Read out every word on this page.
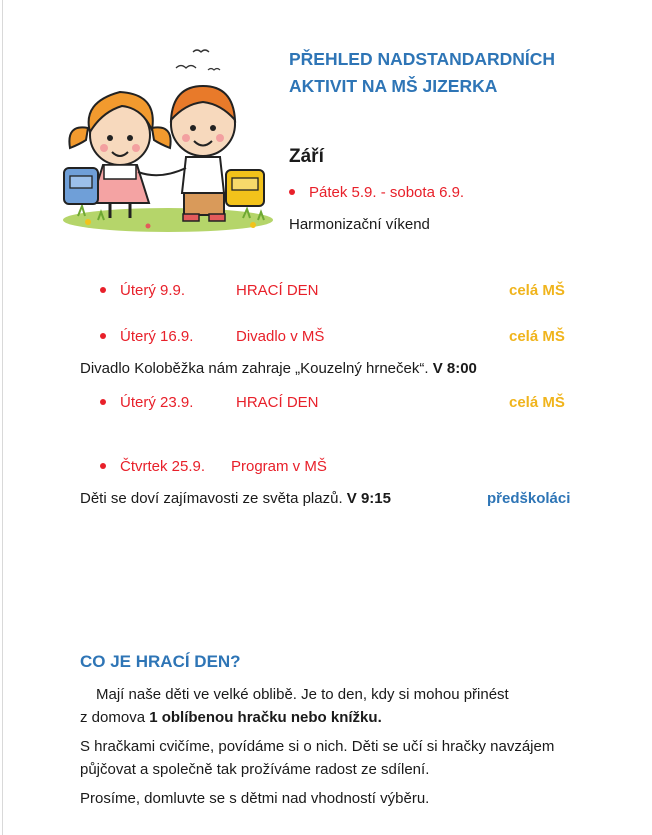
PŘEHLED NADSTANDARDNÍCH
AKTIVIT NA MŠ JIZERKA
Září
Pátek 5.9. - sobota 6.9.
Harmonizační víkend
Úterý 9.9.	HRACÍ DEN	celá MŠ
Úterý 16.9.	Divadlo v MŠ	celá MŠ
Divadlo Koloběžka nám zahraje „Kouzelný hrneček“. V 8:00
Úterý 23.9.	HRACÍ DEN	celá MŠ
Čtvrtek 25.9. Program v MŠ
Děti se doví zajímavosti ze světa plazů. V 9:15	předškoláci
CO JE HRACÍ DEN?
Mají naše děti ve velké oblibě. Je to den, kdy si mohou přinést
z domova 1 oblíbenou hračku nebo knížku.
S hračkami cvičíme, povídáme si o nich. Děti se učí si hračky navzájem půjčovat a společně tak prožíváme radost ze sdílení.
Prosíme, domluvte se s dětmi nad vhodností výběru.
